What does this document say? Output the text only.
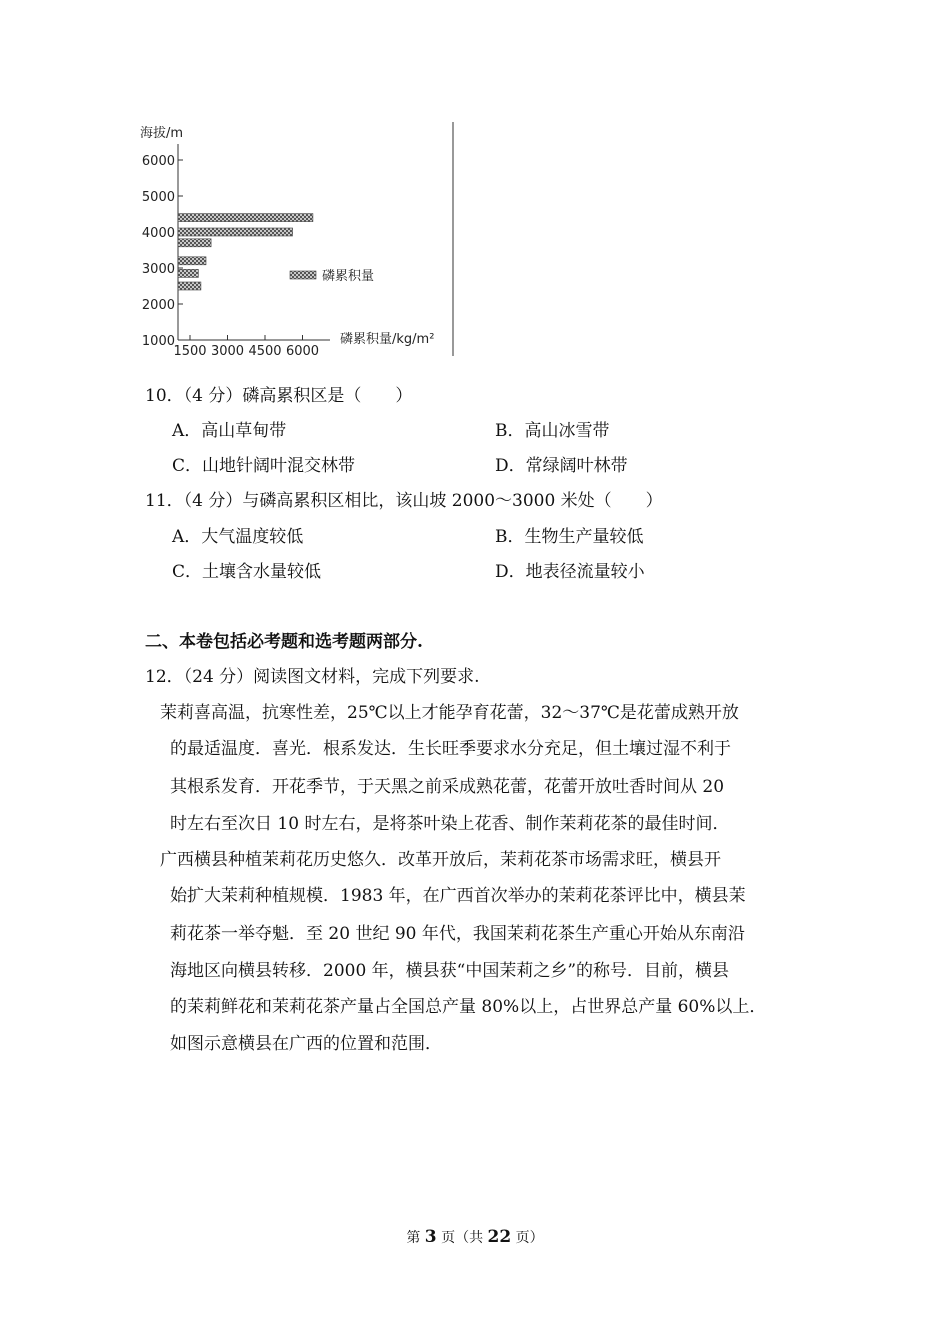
海拔/m
磷累积量/kg/m²
6000
5000
4000
3000
2000
1000
1500 3000 4500 6000
磷累积量
10．（4 分）磷高累积区是（　　）
A．高山草甸带	B．高山冰雪带
C．山地针阔叶混交林带	D．常绿阔叶林带
11．（4 分）与磷高累积区相比，该山坡 2000～3000 米处（　　）
A．大气温度较低	B．生物生产量较低
C．土壤含水量较低	D．地表径流量较小
二、本卷包括必考题和选考题两部分.
12．（24 分）阅读图文材料，完成下列要求.
茉莉喜高温，抗寒性差，25℃以上才能孕育花蕾，32～37℃是花蕾成熟开放
的最适温度．喜光．根系发达．生长旺季要求水分充足，但土壤过湿不利于
其根系发育．开花季节，于天黑之前采成熟花蕾，花蕾开放吐香时间从 20
时左右至次日 10 时左右，是将茶叶染上花香、制作茉莉花茶的最佳时间．
广西横县种植茉莉花历史悠久．改革开放后，茉莉花茶市场需求旺，横县开
始扩大茉莉种植规模．1983 年，在广西首次举办的茉莉花茶评比中，横县茉
莉花茶一举夺魁．至 20 世纪 90 年代，我国茉莉花茶生产重心开始从东南沿
海地区向横县转移．2000 年，横县获“中国茉莉之乡”的称号．目前，横县
的茉莉鲜花和茉莉花茶产量占全国总产量 80%以上，占世界总产量 60%以上．
如图示意横县在广西的位置和范围．
第 3 页（共 22 页）
